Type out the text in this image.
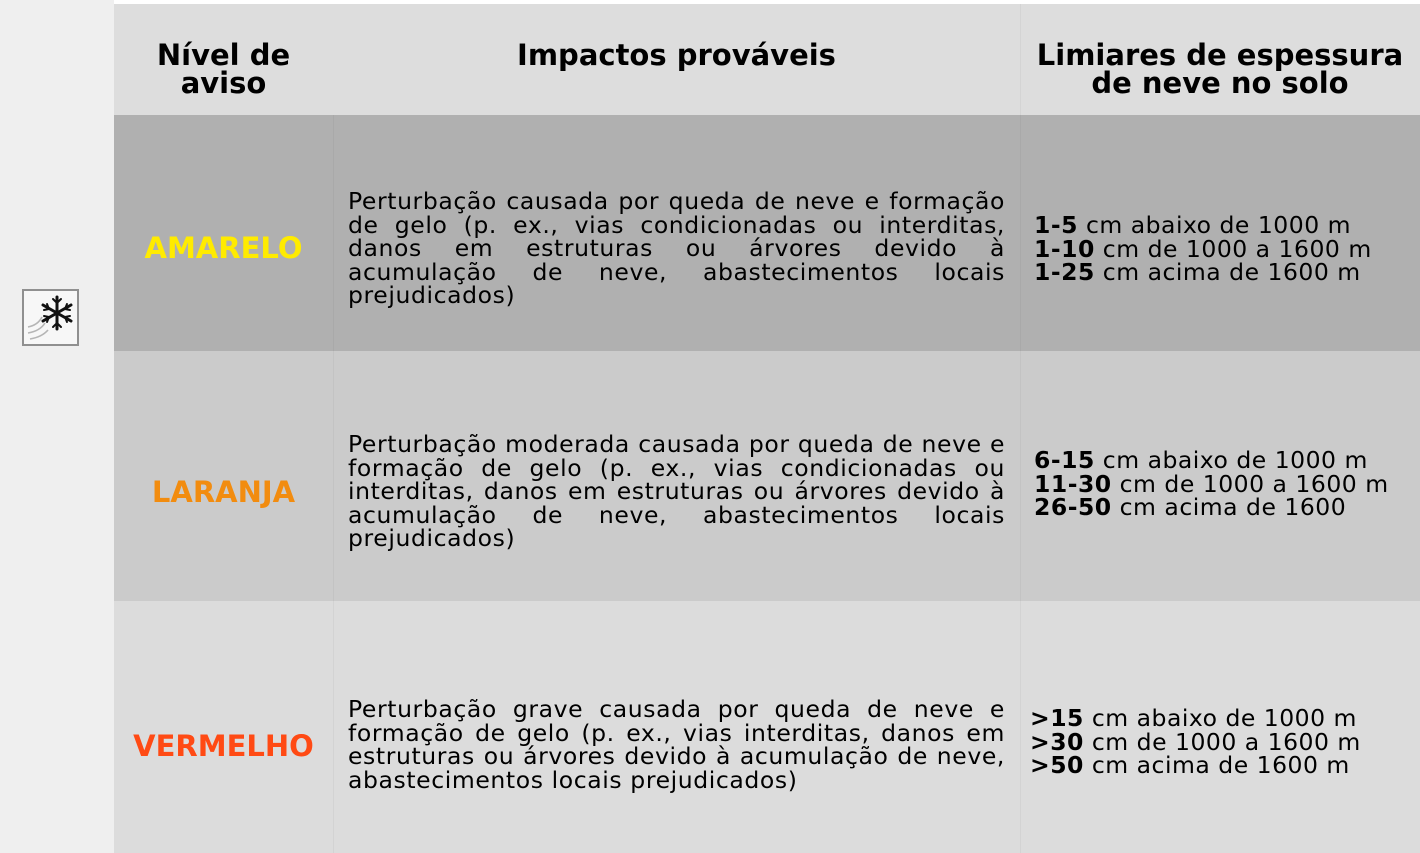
Nível de
aviso
Impactos prováveis	Limiares de espessura
de neve no solo
AMARELO
Perturbação causada por queda de neve e formação de gelo (p. ex., vias condicionadas ou interditas, danos em estruturas ou árvores devido à acumulação de neve, abastecimentos locais prejudicados)
1-5 cm abaixo de 1000 m
1-10 cm de 1000 a 1600 m
1-25 cm acima de 1600 m
LARANJA
Perturbação moderada causada por queda de neve e formação de gelo (p. ex., vias condicionadas ou interditas, danos em estruturas ou árvores devido à acumulação de neve, abastecimentos locais prejudicados)
6-15 cm abaixo de 1000 m
11-30 cm de 1000 a 1600 m
26-50 cm acima de 1600
VERMELHO
Perturbação grave causada por queda de neve e formação de gelo (p. ex., vias interditas, danos em estruturas ou árvores devido à acumulação de neve, abastecimentos locais prejudicados)
>15 cm abaixo de 1000 m
>30 cm de 1000 a 1600 m
>50 cm acima de 1600 m
